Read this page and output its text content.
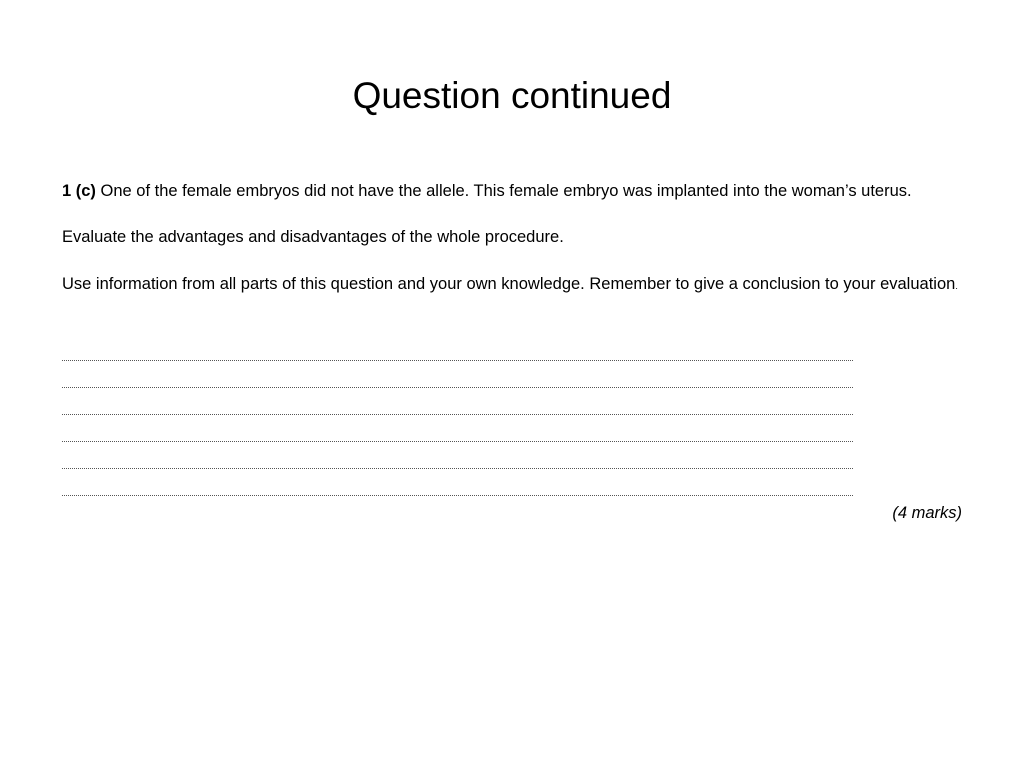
Question continued

1 (c) One of the female embryos did not have the allele. This female embryo was implanted into the woman’s uterus.

Evaluate the advantages and disadvantages of the whole procedure.

Use information from all parts of this question and your own knowledge. Remember to give a conclusion to your evaluation.

(4 marks)
